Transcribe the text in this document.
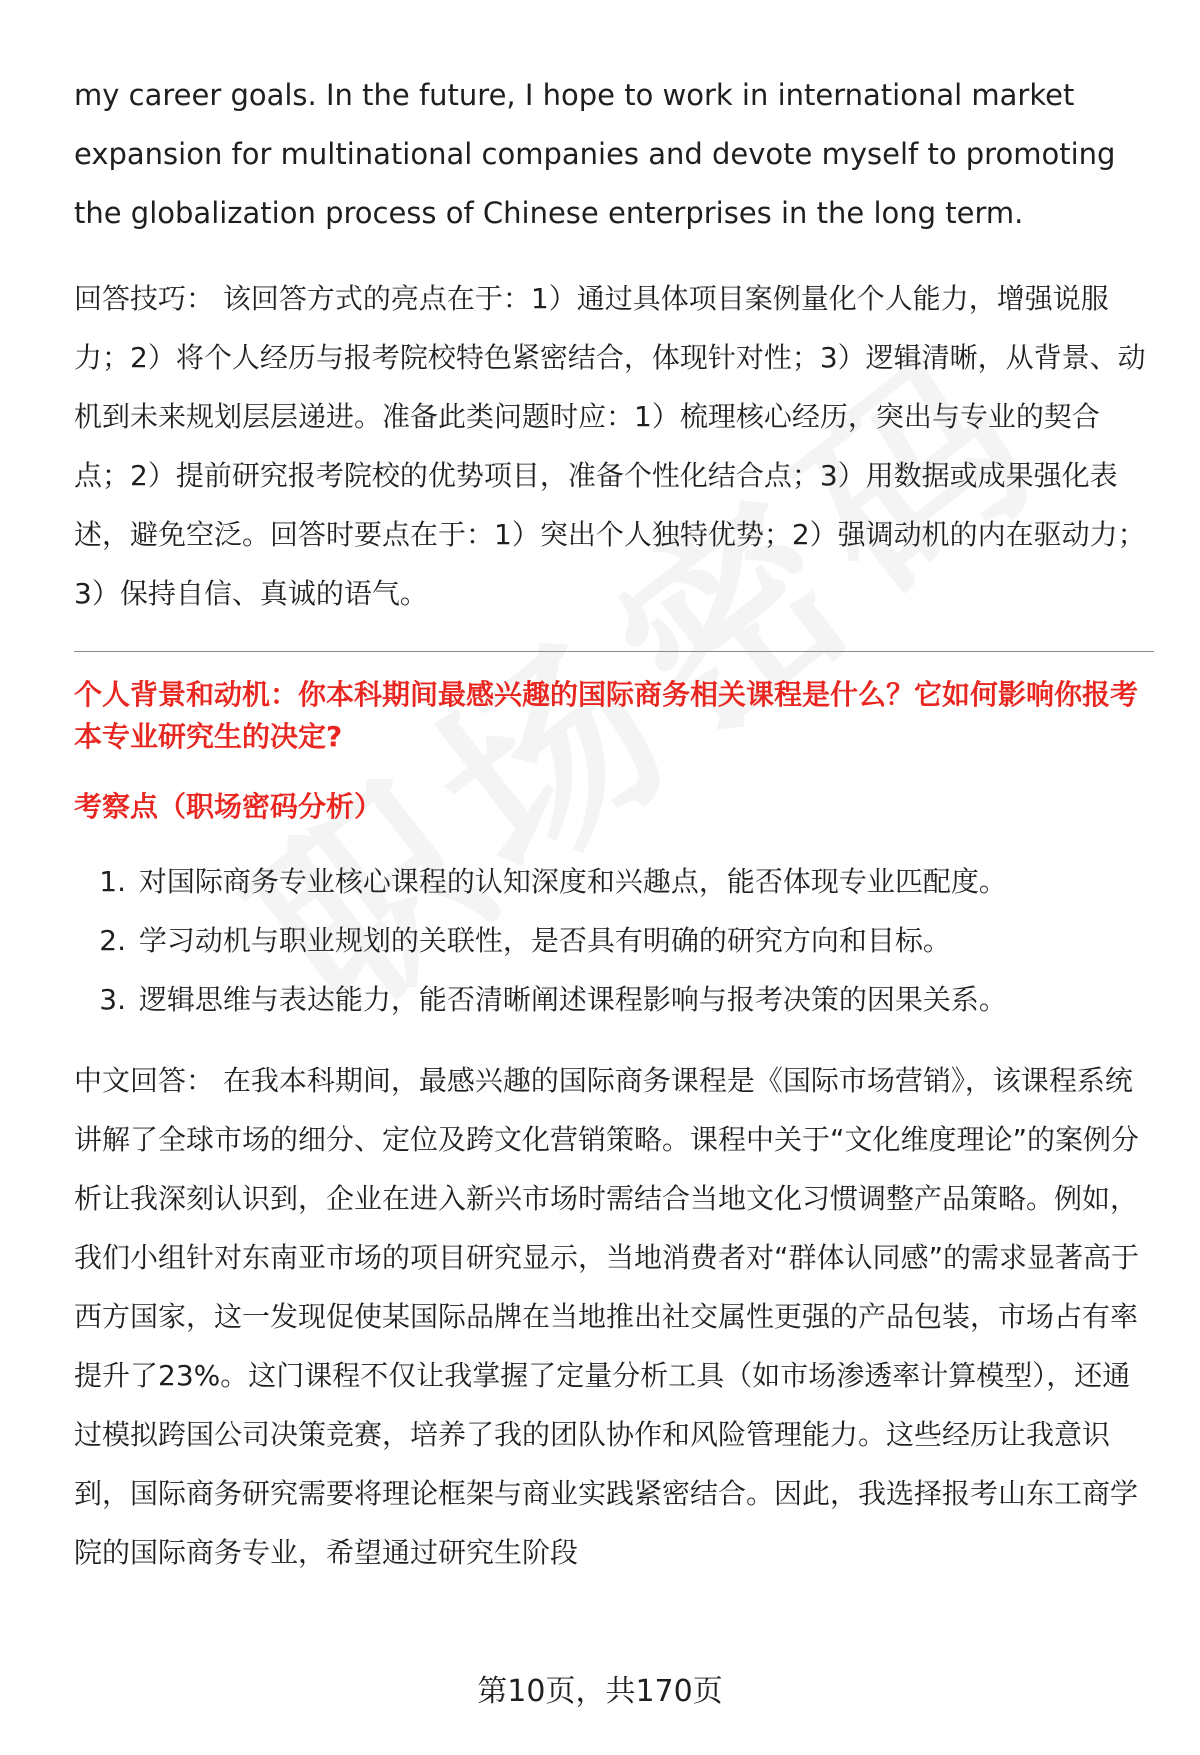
my career goals. In the future, I hope to work in international market expansion for multinational companies and devote myself to promoting the globalization process of Chinese enterprises in the long term.

回答技巧： 该回答方式的亮点在于：1）通过具体项目案例量化个人能力，增强说服力；2）将个人经历与报考院校特色紧密结合，体现针对性；3）逻辑清晰，从背景、动机到未来规划层层递进。准备此类问题时应：1）梳理核心经历，突出与专业的契合点；2）提前研究报考院校的优势项目，准备个性化结合点；3）用数据或成果强化表述，避免空泛。回答时要点在于：1）突出个人独特优势；2）强调动机的内在驱动力；3）保持自信、真诚的语气。

个人背景和动机：你本科期间最感兴趣的国际商务相关课程是什么？它如何影响你报考本专业研究生的决定?

考察点（职场密码分析）

1.
对国际商务专业核心课程的认知深度和兴趣点，能否体现专业匹配度。
2.
学习动机与职业规划的关联性，是否具有明确的研究方向和目标。
3.
逻辑思维与表达能力，能否清晰阐述课程影响与报考决策的因果关系。

中文回答： 在我本科期间，最感兴趣的国际商务课程是《国际市场营销》，该课程系统讲解了全球市场的细分、定位及跨文化营销策略。课程中关于“文化维度理论”的案例分析让我深刻认识到，企业在进入新兴市场时需结合当地文化习惯调整产品策略。例如，我们小组针对东南亚市场的项目研究显示，当地消费者对“群体认同感”的需求显著高于西方国家，这一发现促使某国际品牌在当地推出社交属性更强的产品包装，市场占有率提升了23%。这门课程不仅让我掌握了定量分析工具（如市场渗透率计算模型），还通过模拟跨国公司决策竞赛，培养了我的团队协作和风险管理能力。这些经历让我意识到，国际商务研究需要将理论框架与商业实践紧密结合。因此，我选择报考山东工商学院的国际商务专业，希望通过研究生阶段

第10页，共170页
